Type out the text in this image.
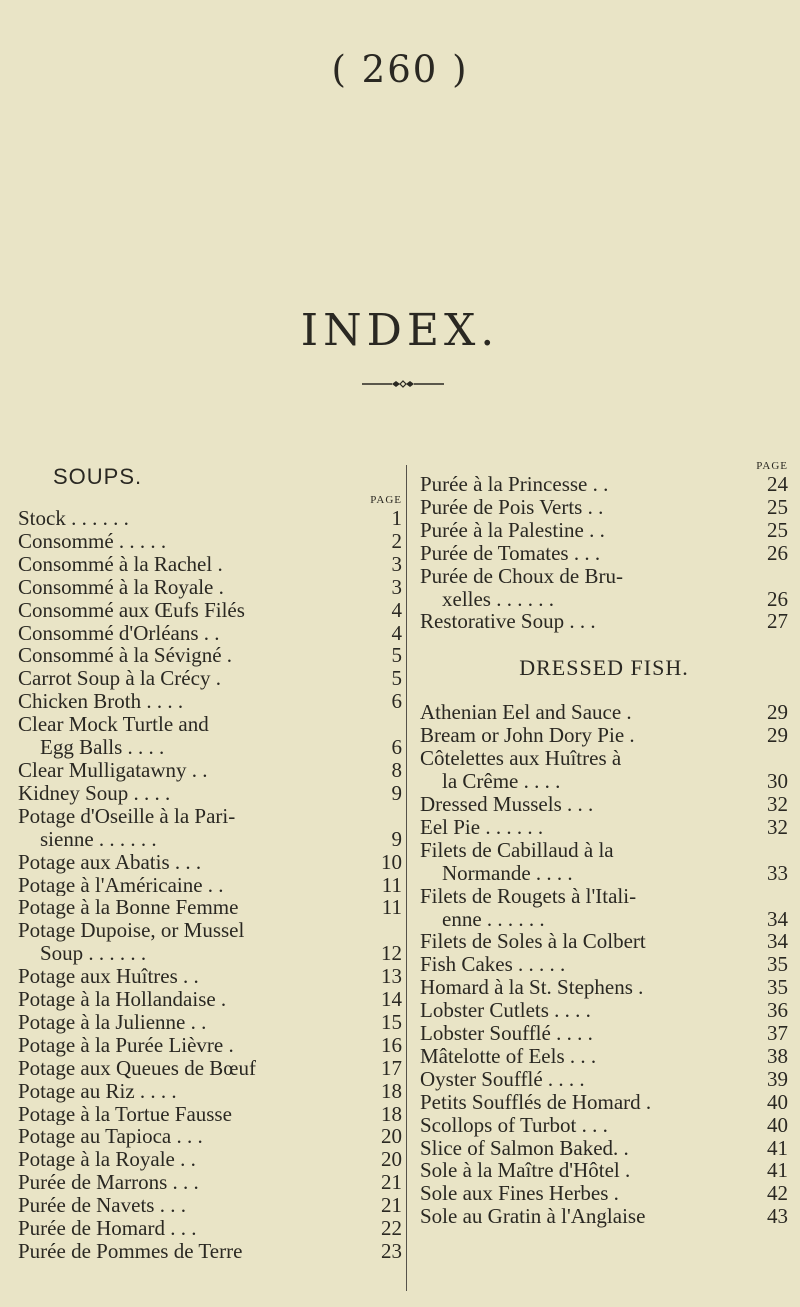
( 260 )
INDEX.
SOUPS.
PAGE
Stock . . . . . .	1
Consommé . . . . .	2
Consommé à la Rachel .	3
Consommé à la Royale .	3
Consommé aux Œufs Filés	4
Consommé d'Orléans . .	4
Consommé à la Sévigné .	5
Carrot Soup à la Crécy .	5
Chicken Broth . . . .	6
Clear Mock Turtle and
Egg Balls . . . .	6
Clear Mulligatawny . .	8
Kidney Soup . . . .	9
Potage d'Oseille à la Pari-
sienne . . . . . .	9
Potage aux Abatis . . .	10
Potage à l'Américaine . .	11
Potage à la Bonne Femme	11
Potage Dupoise, or Mussel
Soup . . . . . .	12
Potage aux Huîtres . .	13
Potage à la Hollandaise .	14
Potage à la Julienne . .	15
Potage à la Purée Lièvre .	16
Potage aux Queues de Bœuf	17
Potage au Riz . . . .	18
Potage à la Tortue Fausse	18
Potage au Tapioca . . .	20
Potage à la Royale . .	20
Purée de Marrons . . .	21
Purée de Navets . . .	21
Purée de Homard . . .	22
Purée de Pommes de Terre	23
PAGE
Purée à la Princesse . .	24
Purée de Pois Verts . .	25
Purée à la Palestine . .	25
Purée de Tomates . . .	26
Purée de Choux de Bru-
xelles . . . . . .	26
Restorative Soup . . .	27
DRESSED FISH.
Athenian Eel and Sauce .	29
Bream or John Dory Pie .	29
Côtelettes aux Huîtres à
la Crême . . . .	30
Dressed Mussels . . .	32
Eel Pie . . . . . .	32
Filets de Cabillaud à la
Normande . . . .	33
Filets de Rougets à l'Itali-
enne . . . . . .	34
Filets de Soles à la Colbert	34
Fish Cakes . . . . .	35
Homard à la St. Stephens .	35
Lobster Cutlets . . . .	36
Lobster Soufflé . . . .	37
Mâtelotte of Eels . . .	38
Oyster Soufflé . . . .	39
Petits Soufflés de Homard .	40
Scollops of Turbot . . .	40
Slice of Salmon Baked. .	41
Sole à la Maître d'Hôtel .	41
Sole aux Fines Herbes .	42
Sole au Gratin à l'Anglaise	43
